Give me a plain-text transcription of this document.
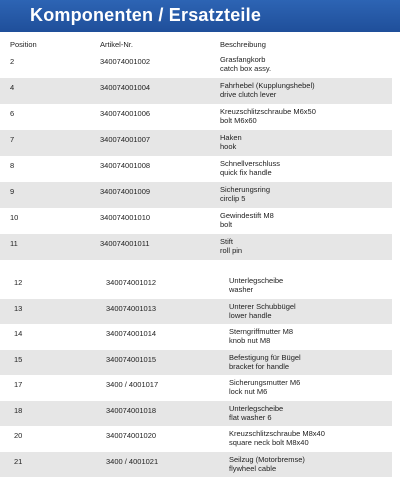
Komponenten / Ersatzteile
Position	Artikel-Nr.	Beschreibung
2	340074001002	Grasfangkorb
catch box assy.
4	340074001004	Fahrhebel (Kupplungshebel)
drive clutch lever
6	340074001006	Kreuzschlitzschraube M6x50
bolt M6x60
7	340074001007	Haken
hook
8	340074001008	Schnellverschluss
quick fix handle
9	340074001009	Sicherungsring
circlip 5
10	340074001010	Gewindestift M8
bolt
11	340074001011	Stift
roll pin
12	340074001012	Unterlegscheibe
washer
13	340074001013	Unterer Schubbügel
lower handle
14	340074001014	Sterngriffmutter M8
knob nut M8
15	340074001015	Befestigung für Bügel
bracket for handle
17	3400 / 4001017	Sicherungsmutter M6
lock nut M6
18	340074001018	Unterlegscheibe
flat washer 6
20	340074001020	Kreuzschlitzschraube M8x40
square neck bolt M8x40
21	3400 / 4001021	Seilzug (Motorbremse)
flywheel cable
